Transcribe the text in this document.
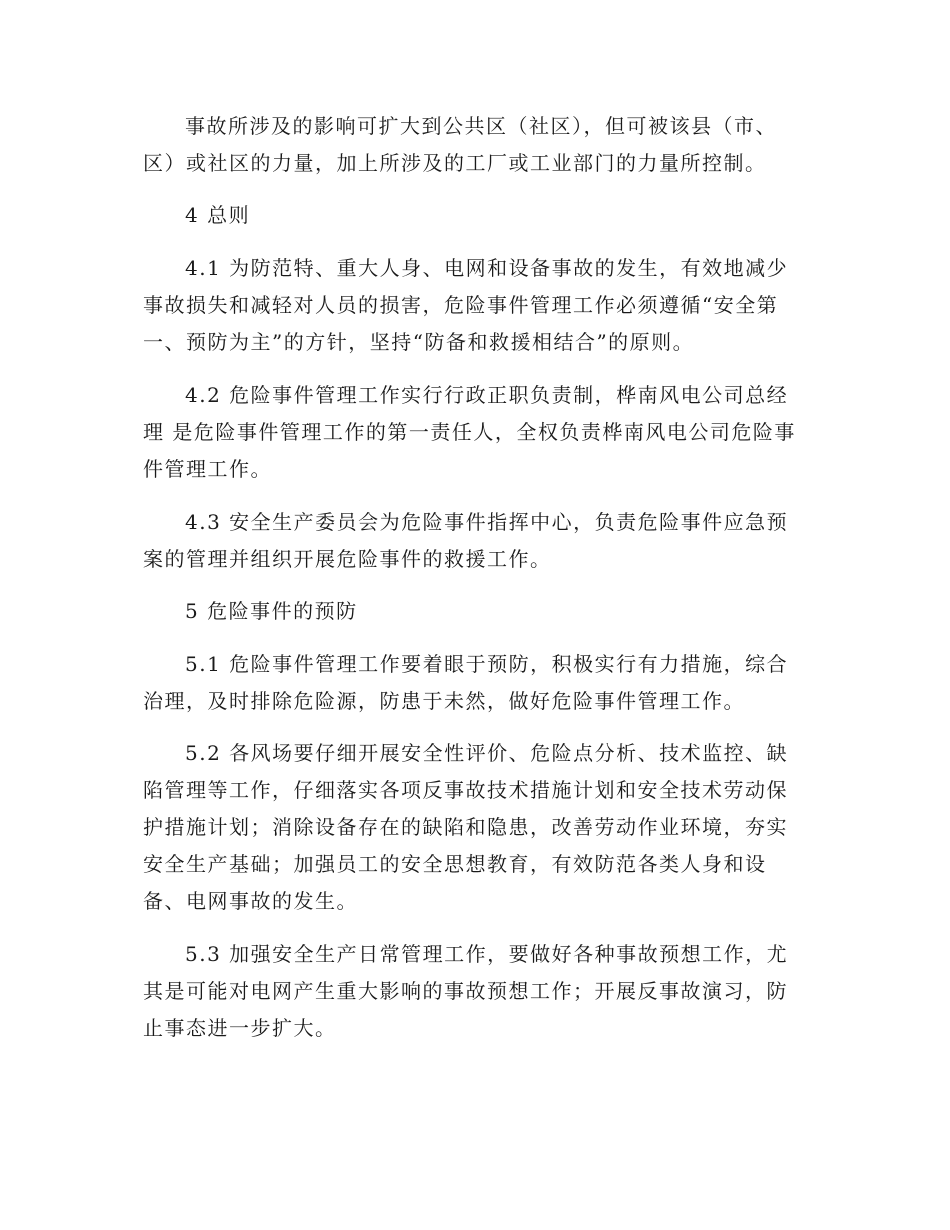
事故所涉及的影响可扩大到公共区（社区），但可被该县（市、
区）或社区的力量，加上所涉及的工厂或工业部门的力量所控制。

4 总则

4.1 为防范特、重大人身、电网和设备事故的发生，有效地减少
事故损失和减轻对人员的损害，危险事件管理工作必须遵循“安全第
一、预防为主”的方针，坚持“防备和救援相结合”的原则。

4.2 危险事件管理工作实行行政正职负责制，桦南风电公司总经
理 是危险事件管理工作的第一责任人，全权负责桦南风电公司危险事
件管理工作。

4.3 安全生产委员会为危险事件指挥中心，负责危险事件应急预
案的管理并组织开展危险事件的救援工作。

5 危险事件的预防

5.1 危险事件管理工作要着眼于预防，积极实行有力措施，综合
治理，及时排除危险源，防患于未然，做好危险事件管理工作。

5.2 各风场要仔细开展安全性评价、危险点分析、技术监控、缺
陷管理等工作，仔细落实各项反事故技术措施计划和安全技术劳动保
护措施计划；消除设备存在的缺陷和隐患，改善劳动作业环境，夯实
安全生产基础；加强员工的安全思想教育，有效防范各类人身和设
备、电网事故的发生。

5.3 加强安全生产日常管理工作，要做好各种事故预想工作，尤
其是可能对电网产生重大影响的事故预想工作；开展反事故演习，防
止事态进一步扩大。
